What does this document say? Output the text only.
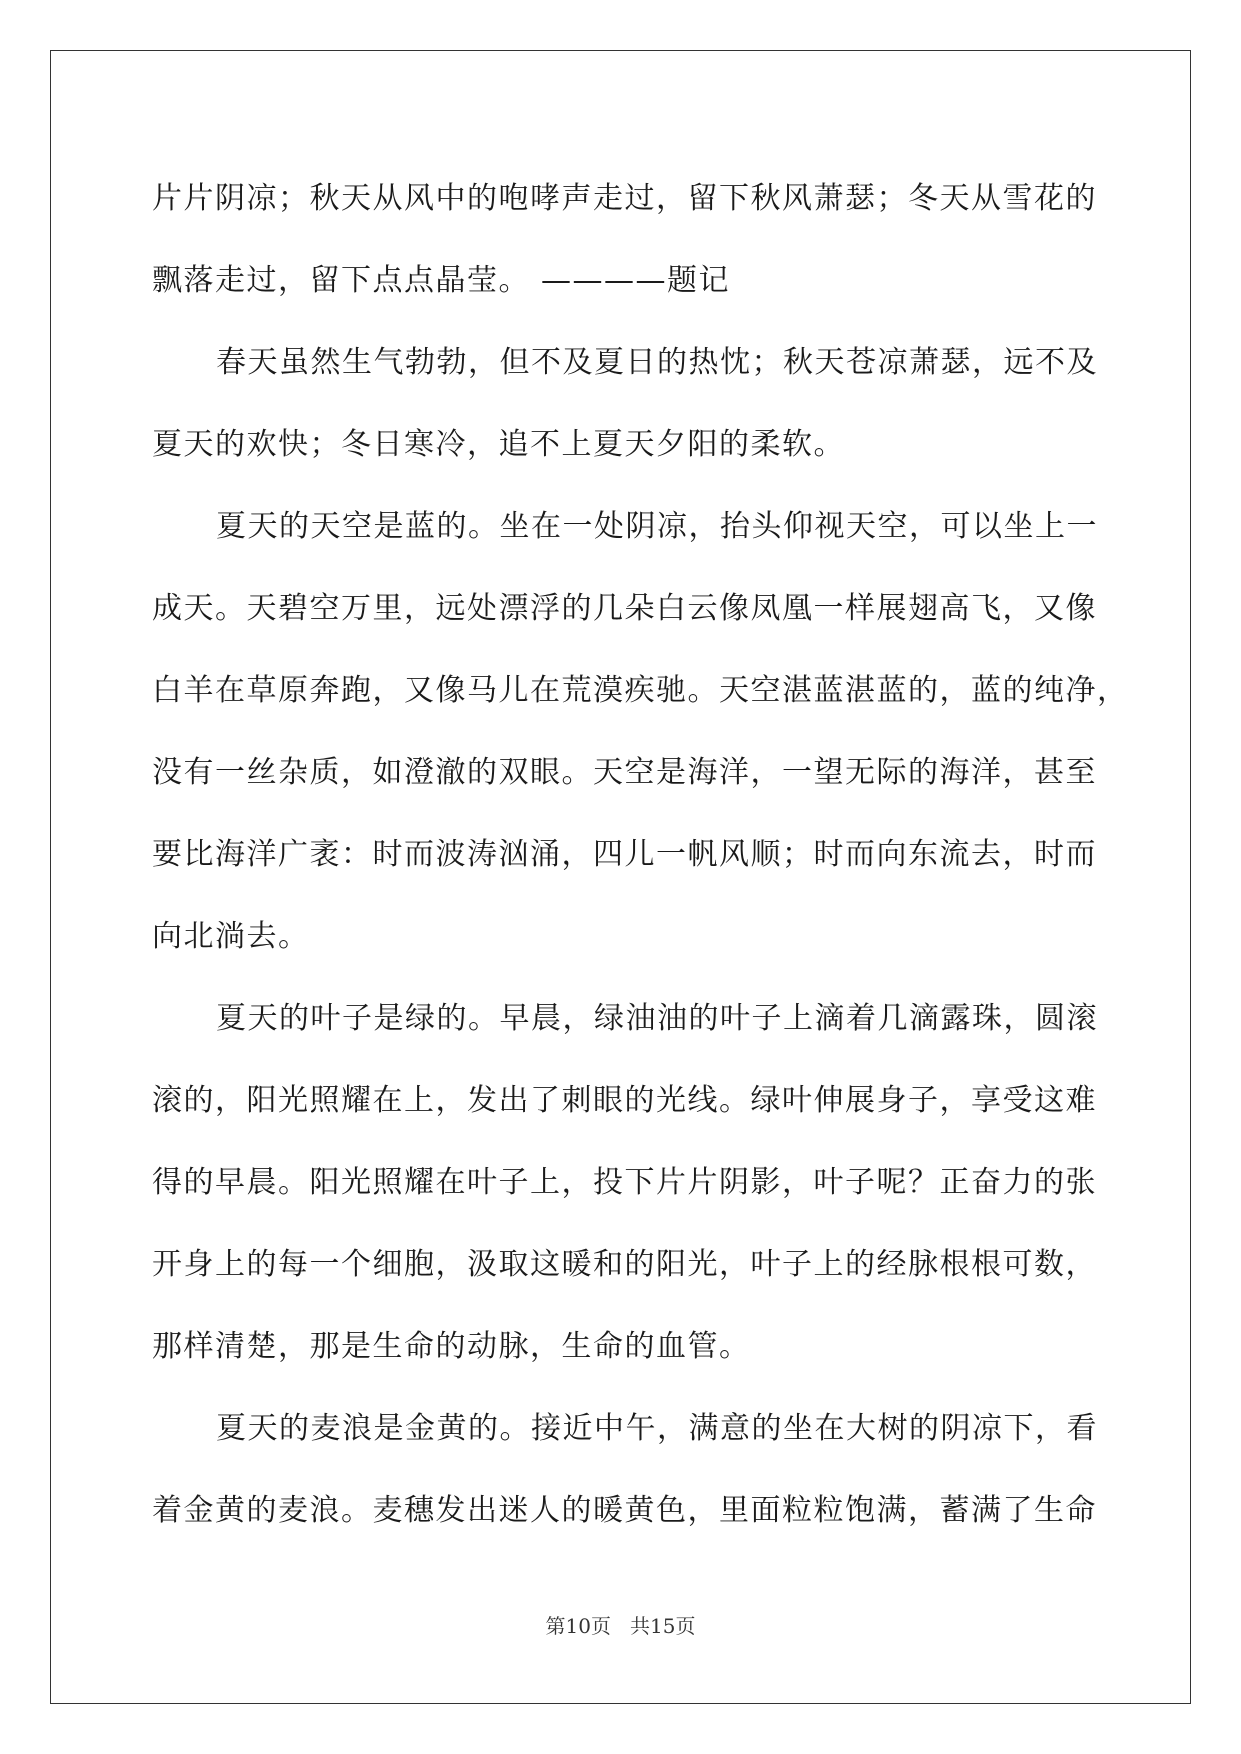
片片阴凉；秋天从风中的咆哮声走过，留下秋风萧瑟；冬天从雪花的
飘落走过，留下点点晶莹。 ————题记
春天虽然生气勃勃，但不及夏日的热忱；秋天苍凉萧瑟，远不及
夏天的欢快；冬日寒冷，追不上夏天夕阳的柔软。
夏天的天空是蓝的。坐在一处阴凉，抬头仰视天空，可以坐上一
成天。天碧空万里，远处漂浮的几朵白云像凤凰一样展翅高飞，又像
白羊在草原奔跑，又像马儿在荒漠疾驰。天空湛蓝湛蓝的，蓝的纯净，
没有一丝杂质，如澄澈的双眼。天空是海洋，一望无际的海洋，甚至
要比海洋广袤：时而波涛汹涌，四儿一帆风顺；时而向东流去，时而
向北淌去。
夏天的叶子是绿的。早晨，绿油油的叶子上滴着几滴露珠，圆滚
滚的，阳光照耀在上，发出了刺眼的光线。绿叶伸展身子，享受这难
得的早晨。阳光照耀在叶子上，投下片片阴影，叶子呢？正奋力的张
开身上的每一个细胞，汲取这暖和的阳光，叶子上的经脉根根可数，
那样清楚，那是生命的动脉，生命的血管。
夏天的麦浪是金黄的。接近中午，满意的坐在大树的阴凉下，看
着金黄的麦浪。麦穗发出迷人的暖黄色，里面粒粒饱满，蓄满了生命
第10页 共15页
